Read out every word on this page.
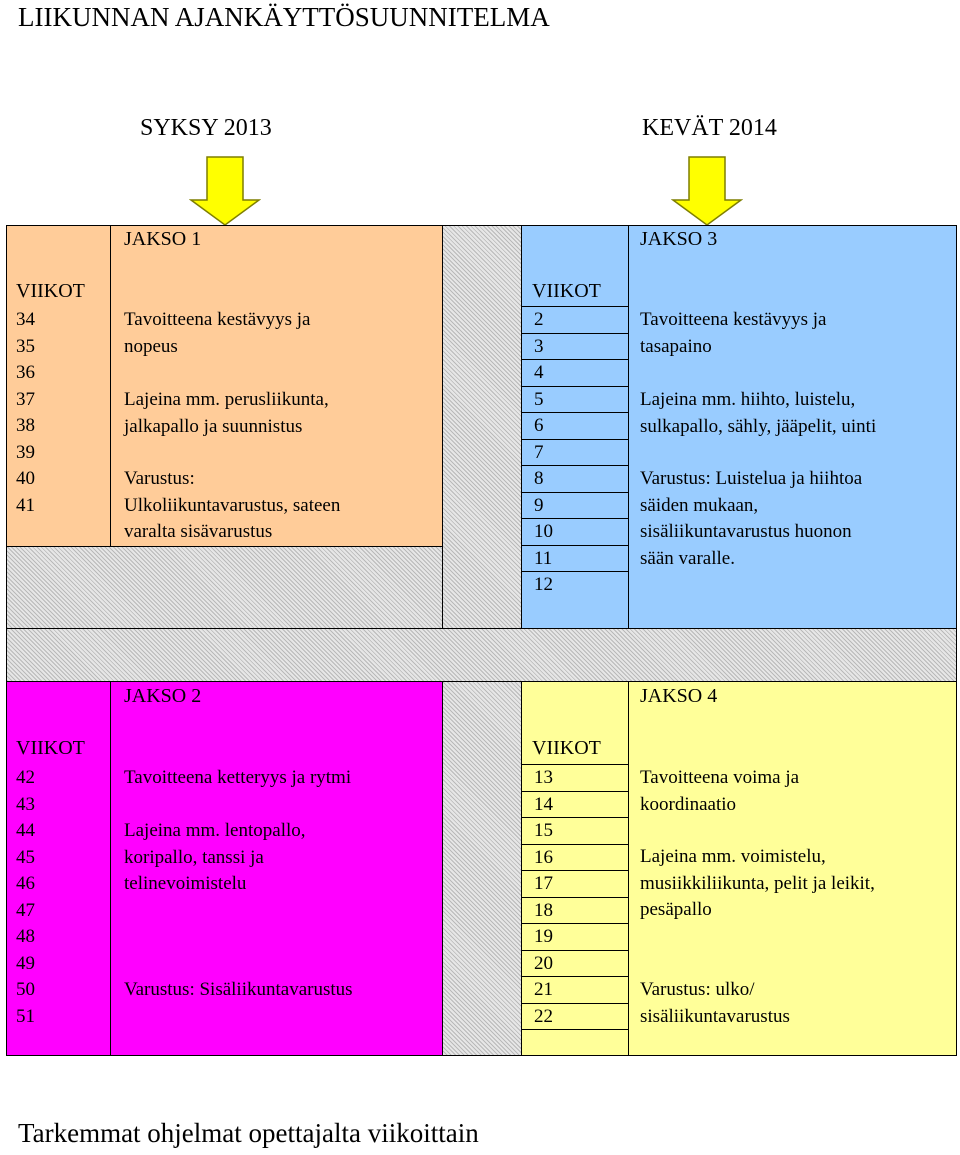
LIIKUNNAN AJANKÄYTTÖSUUNNITELMA
SYKSY 2013	KEVÄT 2014
JAKSO 1
VIIKOT
34
35
36
37
38
39
40
41
Tavoitteena kestävyys ja
nopeus
Lajeina mm. perusliikunta,
jalkapallo ja suunnistus
Varustus:
Ulkoliikuntavarustus, sateen
varalta sisävarustus
JAKSO 3
VIIKOT
2
3
4
5
6
7
8
9
10
11
12
Tavoitteena kestävyys ja
tasapaino
Lajeina mm. hiihto, luistelu,
sulkapallo, sähly, jääpelit, uinti
Varustus: Luistelua ja hiihtoa
säiden mukaan,
sisäliikuntavarustus huonon
sään varalle.
JAKSO 2
VIIKOT
42
43
44
45
46
47
48
49
50
51
Tavoitteena ketteryys ja rytmi
Lajeina mm. lentopallo,
koripallo, tanssi ja
telinevoimistelu
Varustus: Sisäliikuntavarustus
JAKSO 4
VIIKOT
13
14
15
16
17
18
19
20
21
22
Tavoitteena voima ja
koordinaatio
Lajeina mm. voimistelu,
musiikkiliikunta, pelit ja leikit,
pesäpallo
Varustus: ulko/
sisäliikuntavarustus
Tarkemmat ohjelmat opettajalta viikoittain
